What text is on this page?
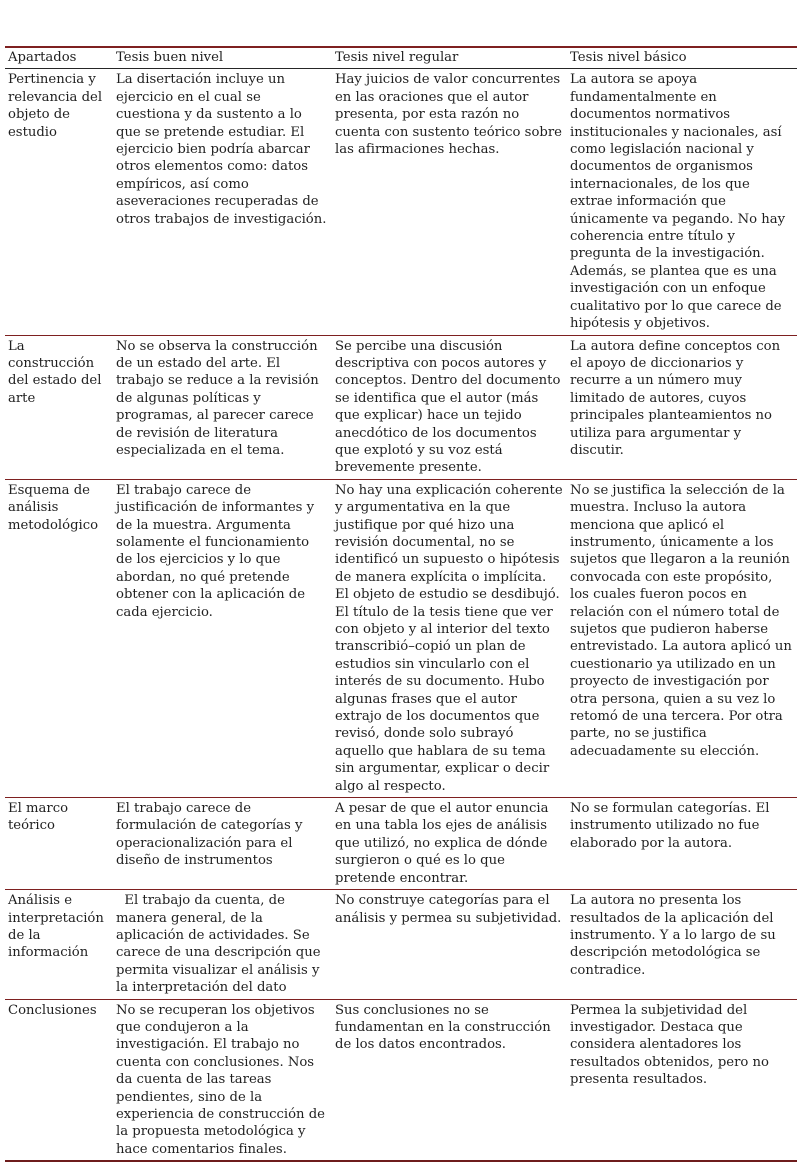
Apartados	Tesis buen nivel	Tesis nivel regular	Tesis nivel básico
Pertinencia y relevancia del objeto de estudio	La disertación incluye un ejercicio en el cual se cuestiona y da sustento a lo que se pretende estudiar. El ejercicio bien podría abarcar otros elementos como: datos empíricos, así como aseveraciones recuperadas de otros trabajos de investigación.	Hay juicios de valor concurrentes en las oraciones que el autor presenta, por esta razón no cuenta con sustento teórico sobre las afirmaciones hechas.	La autora se apoya fundamentalmente en documentos normativos institucionales y nacionales, así como legislación nacional y documentos de organismos internacionales, de los que extrae información que únicamente va pegando. No hay coherencia entre título y pregunta de la investigación. Además, se plantea que es una investigación con un enfoque cualitativo por lo que carece de hipótesis y objetivos.
La construcción del estado del arte	No se observa la construcción de un estado del arte. El trabajo se reduce a la revisión de algunas políticas y programas, al parecer carece de revisión de literatura especializada en el tema.	Se percibe una discusión descriptiva con pocos autores y conceptos. Dentro del documento se identifica que el autor (más que explicar) hace un tejido anecdótico de los documentos que explotó y su voz está brevemente presente.	La autora define conceptos con el apoyo de diccionarios y recurre a un número muy limitado de autores, cuyos principales planteamientos no utiliza para argumentar y discutir.
Esquema de análisis metodológico	El trabajo carece de justificación de informantes y de la muestra. Argumenta solamente el funcionamiento de los ejercicios y lo que abordan, no qué pretende obtener con la aplicación de cada ejercicio.	No hay una explicación coherente y argumentativa en la que justifique por qué hizo una revisión documental, no se identificó un supuesto o hipótesis de manera explícita o implícita. El objeto de estudio se desdibujó. El título de la tesis tiene que ver con objeto y al interior del texto transcribió–copió un plan de estudios sin vincularlo con el interés de su documento. Hubo algunas frases que el autor extrajo de los documentos que revisó, donde solo subrayó aquello que hablara de su tema sin argumentar, explicar o decir algo al respecto.	No se justifica la selección de la muestra. Incluso la autora menciona que aplicó el instrumento, únicamente a los sujetos que llegaron a la reunión convocada con este propósito, los cuales fueron pocos en relación con el número total de sujetos que pudieron haberse entrevistado. La autora aplicó un cuestionario ya utilizado en un proyecto de investigación por otra persona, quien a su vez lo retomó de una tercera. Por otra parte, no se justifica adecuadamente su elección.
El marco teórico	El trabajo carece de formulación de categorías y operacionalización para el diseño de instrumentos	A pesar de que el autor enuncia en una tabla los ejes de análisis que utilizó, no explica de dónde surgieron o qué es lo que pretende encontrar.	No se formulan categorías. El instrumento utilizado no fue elaborado por la autora.
Análisis e interpretación de la información	El trabajo da cuenta, de manera general, de la aplicación de actividades. Se carece de una descripción que permita visualizar el análisis y la interpretación del dato	No construye categorías para el análisis y permea su subjetividad.	La autora no presenta los resultados de la aplicación del instrumento. Y a lo largo de su descripción metodológica se contradice.
Conclusiones	No se recuperan los objetivos que condujeron a la investigación. El trabajo no cuenta con conclusiones. Nos da cuenta de las tareas pendientes, sino de la experiencia de construcción de la propuesta metodológica y hace comentarios finales.	Sus conclusiones no se fundamentan en la construcción de los datos encontrados.	Permea la subjetividad del investigador. Destaca que considera alentadores los resultados obtenidos, pero no presenta resultados.
